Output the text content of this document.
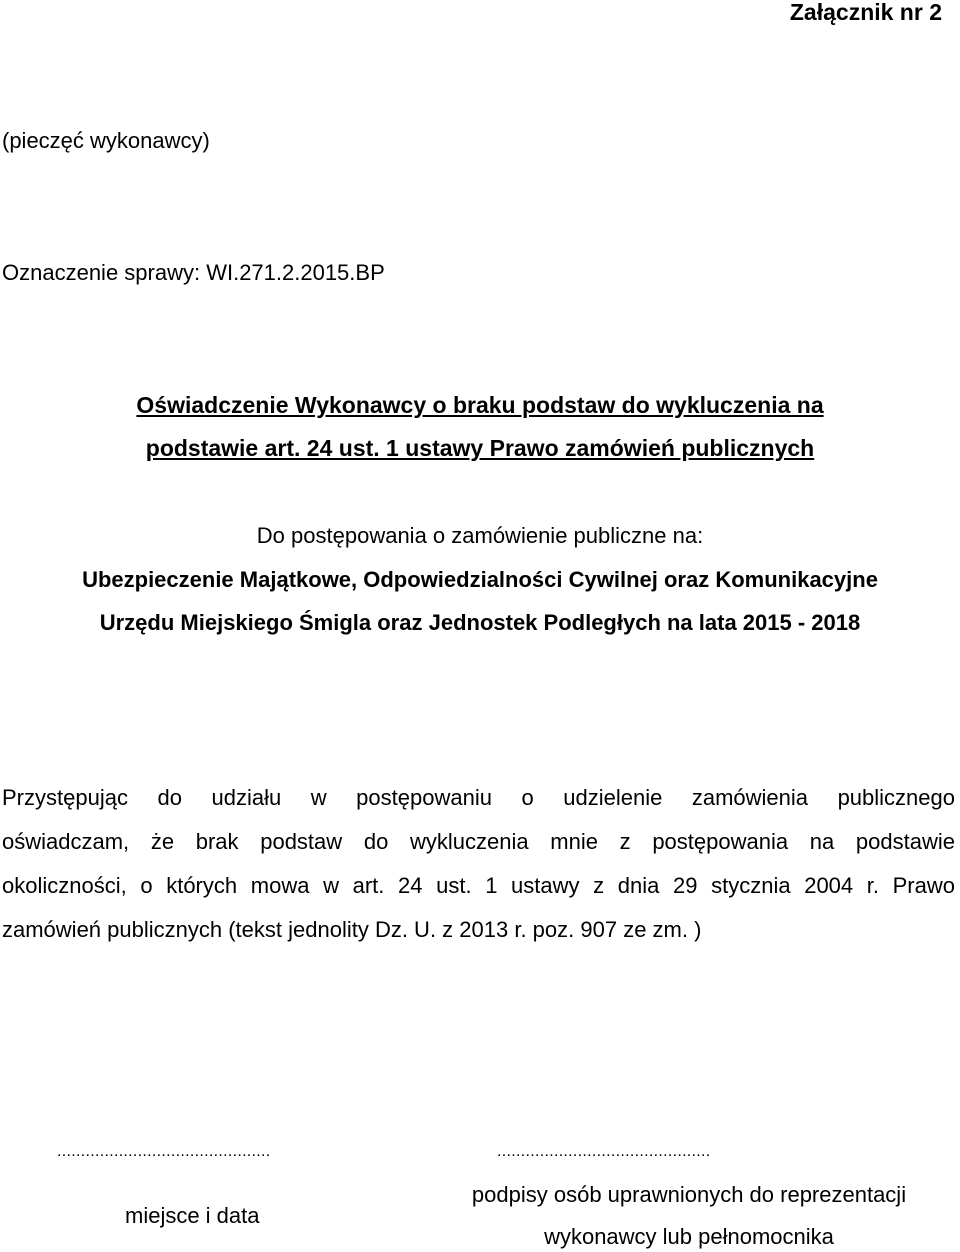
Załącznik nr 2
(pieczęć wykonawcy)
Oznaczenie sprawy: WI.271.2.2015.BP
Oświadczenie Wykonawcy o braku podstaw do wykluczenia na
podstawie art. 24 ust. 1 ustawy Prawo zamówień publicznych
Do postępowania o zamówienie publiczne na:
Ubezpieczenie Majątkowe, Odpowiedzialności Cywilnej oraz Komunikacyjne
Urzędu Miejskiego Śmigla oraz Jednostek Podległych na lata 2015 - 2018
Przystępując do udziału w postępowaniu o udzielenie zamówienia publicznego
oświadczam, że brak podstaw do wykluczenia mnie z postępowania na podstawie
okoliczności, o których mowa w art. 24 ust. 1 ustawy z dnia 29 stycznia 2004 r. Prawo
zamówień publicznych (tekst jednolity Dz. U. z 2013 r. poz. 907 ze zm. )
.............................................
miejsce i data
.............................................
podpisy osób uprawnionych do reprezentacji
wykonawcy lub pełnomocnika
